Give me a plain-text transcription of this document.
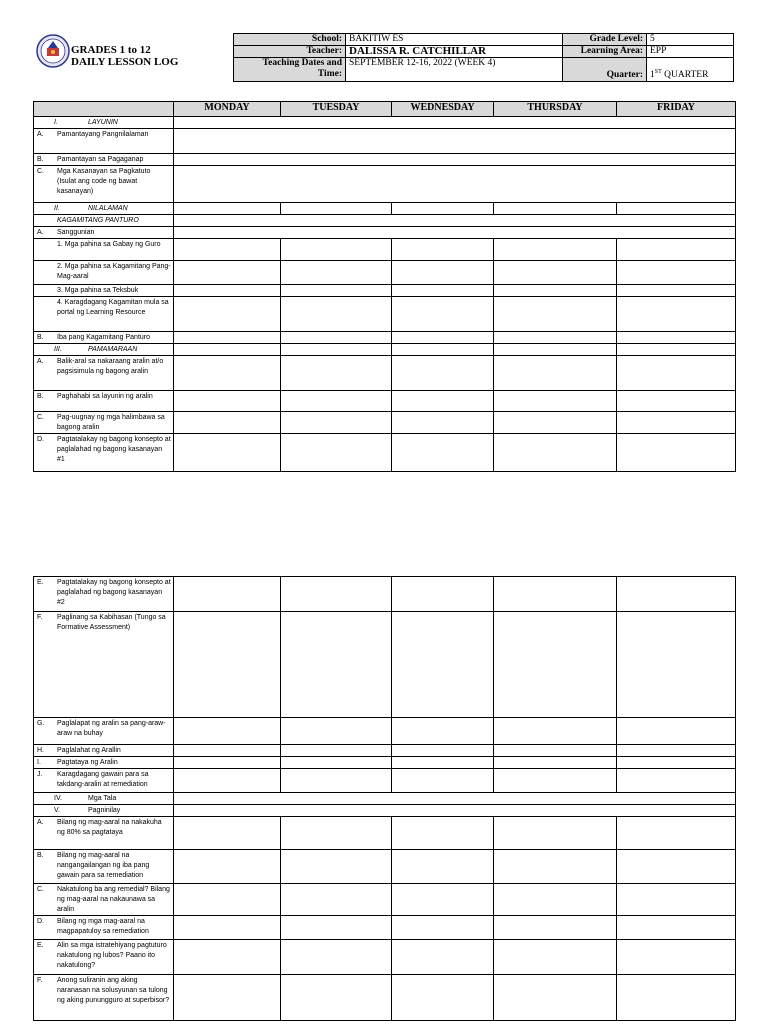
GRADES 1 to 12
DAILY LESSON LOG
School:	BAKITIW ES	Grade Level:	5
Teacher:	DALISSA R. CATCHILLAR	Learning Area:	EPP
Teaching Dates and Time:	SEPTEMBER 12-16, 2022 (WEEK 4)	Quarter:	1ST QUARTER
	MONDAY	TUESDAY	WEDNESDAY	THURSDAY	FRIDAY

I. LAYUNIN					

A. Pamantayang Pangnilalaman					

B. Pamantayan sa Pagaganap					

C. Mga Kasanayan sa Pagkatuto (Isulat ang code ng bawat kasanayan)					

II. NILALAMAN					

KAGAMITANG PANTURO					

A. Sanggunian					

1. Mga pahina sa Gabay ng Guro					

2. Mga pahina sa Kagamitang Pang-Mag-aaral					

3. Mga pahina sa Teksbuk					

4. Karagdagang Kagamitan mula sa portal ng Learning Resource					

B. Iba pang Kagamitang Panturo					

III. PAMAMARAAN					

A. Balik-aral sa nakaraang aralin at/o pagsisimula ng bagong aralin					

B. Paghahabi sa layunin ng aralin					

C. Pag-uugnay ng mga halimbawa sa bagong aralin					

D. Pagtatalakay ng bagong konsepto at paglalahad ng bagong kasanayan #1					

E. Pagtatalakay ng bagong konsepto at paglalahad ng bagong kasanayan #2					

F. Paglinang sa Kabihasan (Tungo sa Formative Assessment)					

G. Paglalapat ng aralin sa pang-araw-araw na buhay					

H. Paglalahat ng Arallin					

I. Pagtataya ng Aralin					

J. Karagdagang gawain para sa takdang-aralin at remediation					

IV. Mga Tala					

V. Pagninilay					

A. Bilang ng mag-aaral na nakakuha ng 80% sa pagtataya					

B. Bilang ng mag-aaral na nangangailangan ng iba pang gawain para sa remediation					

C. Nakatulong ba ang remedial? Bilang ng mag-aaral na nakaunawa sa aralin					

D. Bilang ng mga mag-aaral na magpapatuloy sa remediation					

E. Alin sa mga istratehiyang pagtuturo nakatulong ng lubos? Paano ito nakatulong?					

F. Anong suliranin ang aking naranasan na solusyunan sa tulong ng aking punungguro at superbisor?					
